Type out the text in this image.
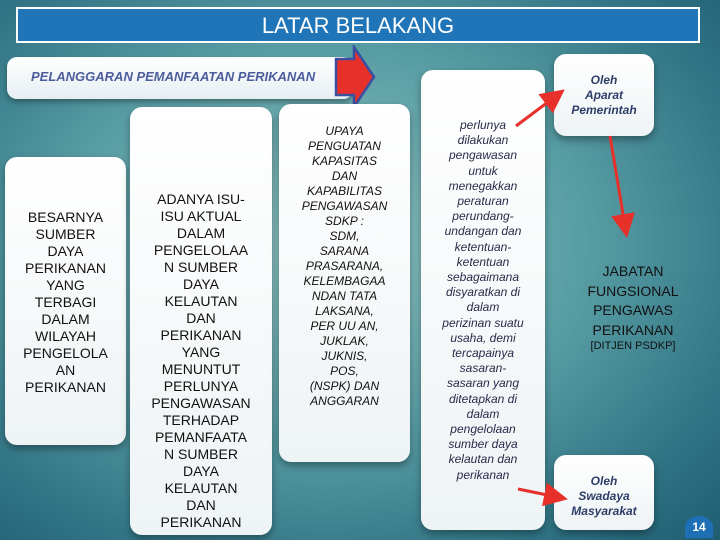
LATAR BELAKANG
PELANGGARAN PEMANFAATAN PERIKANAN
BESARNYA
SUMBER
DAYA
PERIKANAN
YANG
TERBAGI
DALAM
WILAYAH
PENGELOLA
AN
PERIKANAN
ADANYA ISU-
ISU AKTUAL
DALAM
PENGELOLAA
N SUMBER
DAYA
KELAUTAN
DAN
PERIKANAN
YANG
MENUNTUT
PERLUNYA
PENGAWASAN
TERHADAP
PEMANFAATA
N SUMBER
DAYA
KELAUTAN
DAN
PERIKANAN
UPAYA
PENGUATAN
KAPASITAS
DAN
KAPABILITAS
PENGAWASAN
SDKP :
SDM,
SARANA
PRASARANA,
KELEMBAGAA
NDAN TATA
LAKSANA,
PER UU AN,
JUKLAK,
JUKNIS,
POS,
(NSPK) DAN
ANGGARAN
perlunya
dilakukan
pengawasan
untuk
menegakkan
peraturan
perundang-
undangan dan
ketentuan-
ketentuan
sebagaimana
disyaratkan di
dalam
perizinan suatu
usaha, demi
tercapainya
sasaran-
sasaran yang
ditetapkan di
dalam
pengelolaan
sumber daya
kelautan dan
perikanan
Oleh
Aparat
Pemerintah
Oleh
Swadaya
Masyarakat
JABATAN
FUNGSIONAL
PENGAWAS
PERIKANAN
[DITJEN PSDKP]
14
